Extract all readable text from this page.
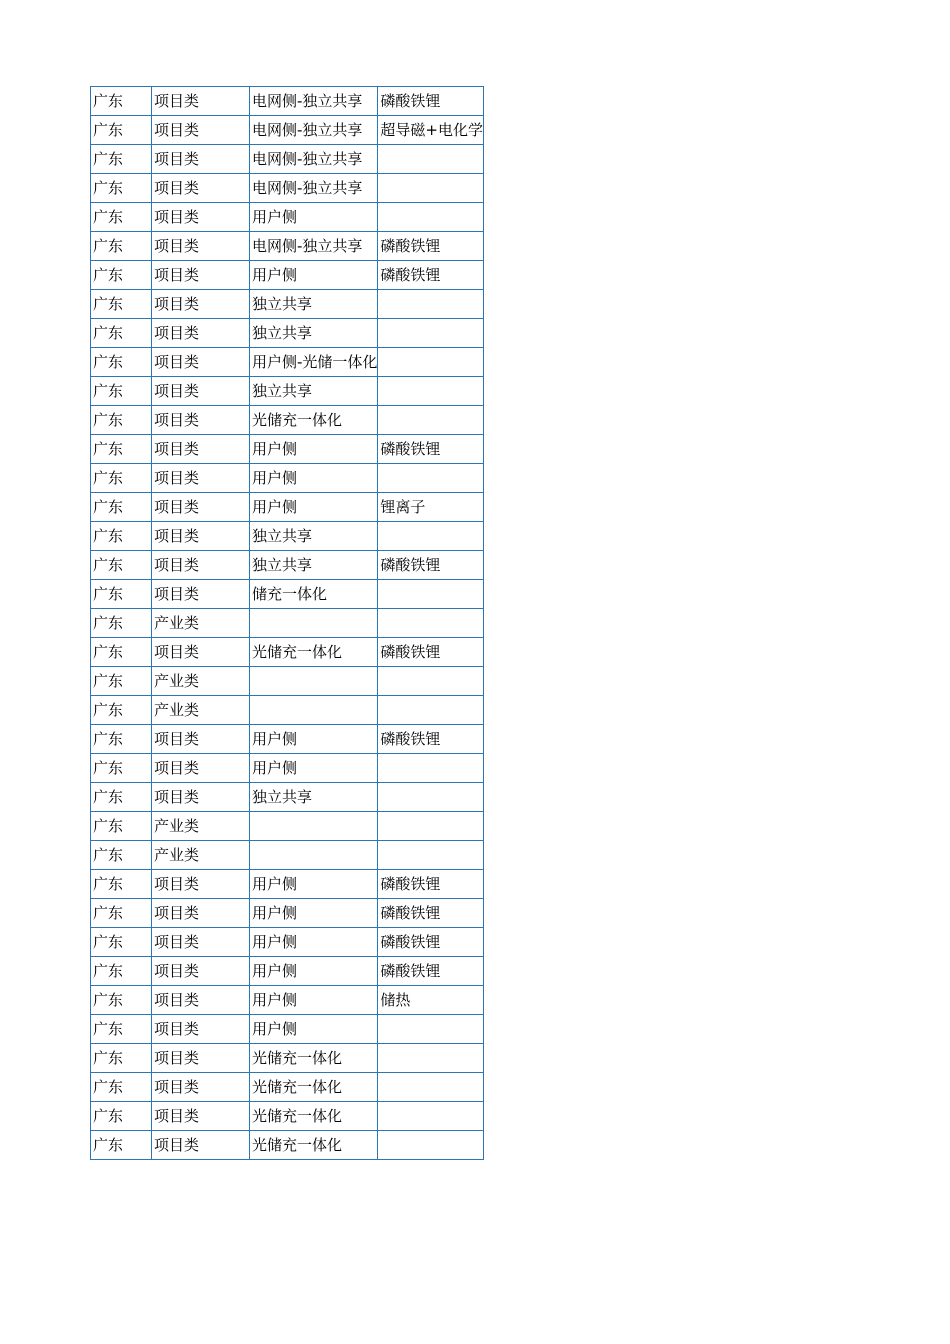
广东	项目类	电网侧-独立共享	磷酸铁锂

广东	项目类	电网侧-独立共享	超导磁+电化学

广东	项目类	电网侧-独立共享	

广东	项目类	电网侧-独立共享	

广东	项目类	用户侧	

广东	项目类	电网侧-独立共享	磷酸铁锂

广东	项目类	用户侧	磷酸铁锂

广东	项目类	独立共享	

广东	项目类	独立共享	

广东	项目类	用户侧-光储一体化	

广东	项目类	独立共享	

广东	项目类	光储充一体化	

广东	项目类	用户侧	磷酸铁锂

广东	项目类	用户侧	

广东	项目类	用户侧	锂离子

广东	项目类	独立共享	

广东	项目类	独立共享	磷酸铁锂

广东	项目类	储充一体化	

广东	产业类		

广东	项目类	光储充一体化	磷酸铁锂

广东	产业类		

广东	产业类		

广东	项目类	用户侧	磷酸铁锂

广东	项目类	用户侧	

广东	项目类	独立共享	

广东	产业类		

广东	产业类		

广东	项目类	用户侧	磷酸铁锂

广东	项目类	用户侧	磷酸铁锂

广东	项目类	用户侧	磷酸铁锂

广东	项目类	用户侧	磷酸铁锂

广东	项目类	用户侧	储热

广东	项目类	用户侧	

广东	项目类	光储充一体化	

广东	项目类	光储充一体化	

广东	项目类	光储充一体化	

广东	项目类	光储充一体化	
